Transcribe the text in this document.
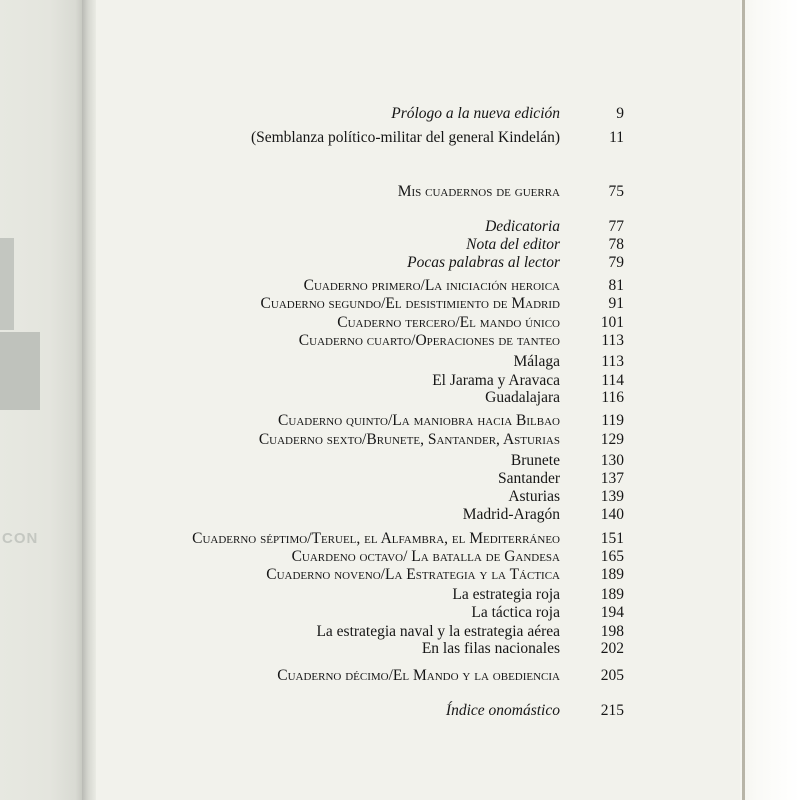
CON
Prólogo a la nueva edición	9
(Semblanza político-militar del general Kindelán)	11
Mis cuadernos de guerra	75
Dedicatoria	77
Nota del editor	78
Pocas palabras al lector	79
Cuaderno primero/La iniciación heroica	81
Cuaderno segundo/El desistimiento de Madrid	91
Cuaderno tercero/El mando único	101
Cuaderno cuarto/Operaciones de tanteo	113
Málaga	113
El Jarama y Aravaca	114
Guadalajara	116
Cuaderno quinto/La maniobra hacia Bilbao	119
Cuaderno sexto/Brunete, Santander, Asturias	129
Brunete	130
Santander	137
Asturias	139
Madrid-Aragón	140
Cuaderno séptimo/Teruel, el Alfambra, el Mediterráneo	151
Cuardeno octavo/ La batalla de Gandesa	165
Cuaderno noveno/La Estrategia y la Táctica	189
La estrategia roja	189
La táctica roja	194
La estrategia naval y la estrategia aérea	198
En las filas nacionales	202
Cuaderno décimo/El Mando y la obediencia	205
Índice onomástico	215
